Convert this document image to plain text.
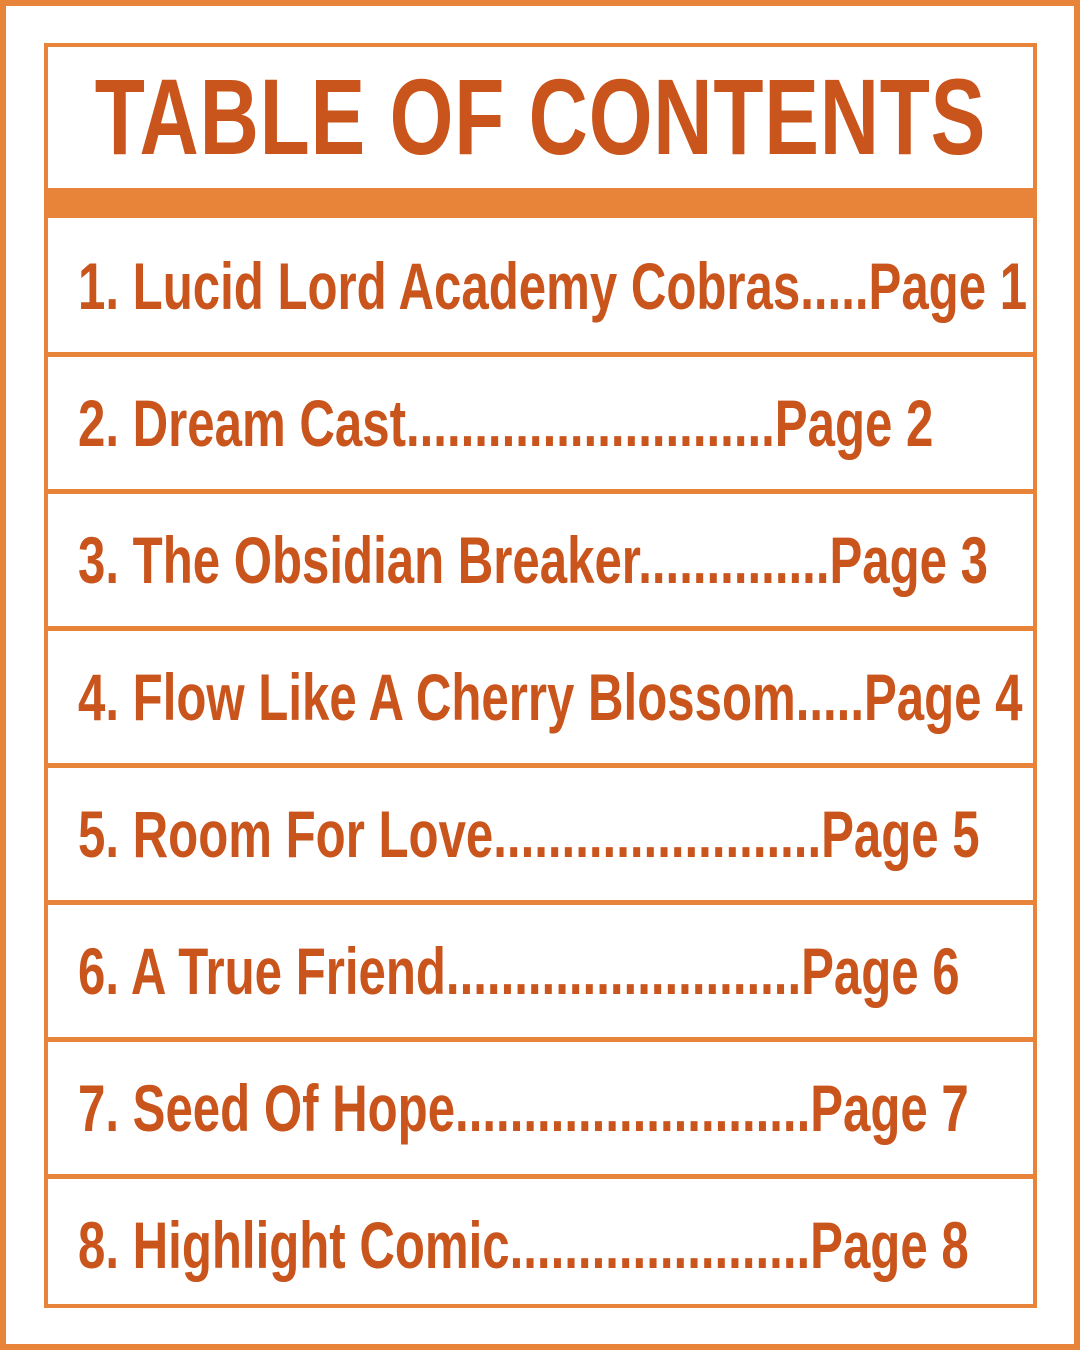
TABLE OF CONTENTS
1. Lucid Lord Academy Cobras.....Page 1
2. Dream Cast...........................Page 2
3. The Obsidian Breaker..............Page 3
4. Flow Like A Cherry Blossom.....Page 4
5. Room For Love........................Page 5
6. A True Friend..........................Page 6
7. Seed Of Hope..........................Page 7
8. Highlight Comic......................Page 8
